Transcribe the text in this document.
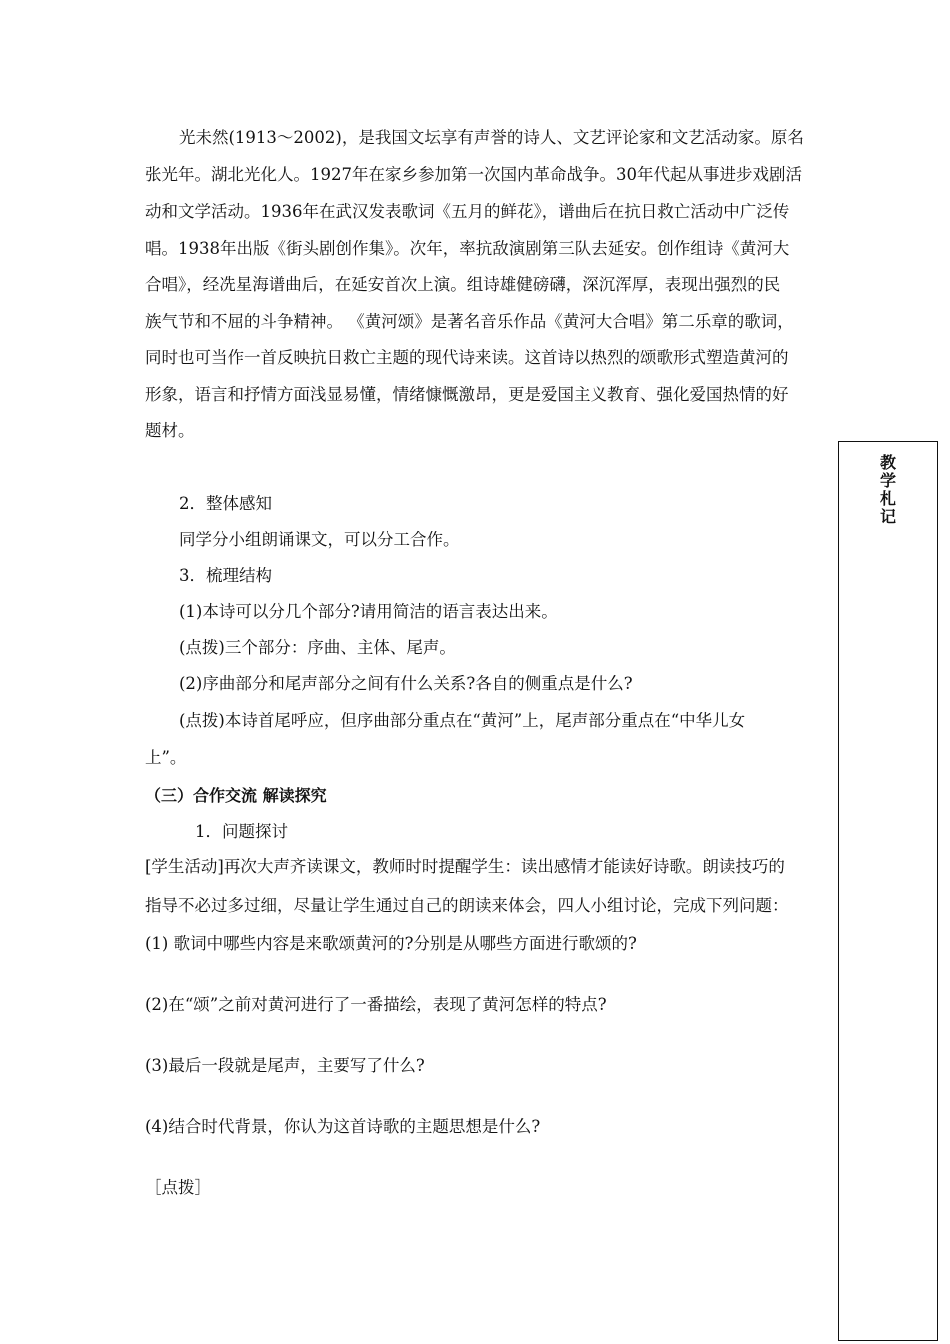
光未然(1913～2002)，是我国文坛享有声誉的诗人、文艺评论家和文艺活动家。原名
张光年。湖北光化人。1927年在家乡参加第一次国内革命战争。30年代起从事进步戏剧活
动和文学活动。1936年在武汉发表歌词《五月的鲜花》，谱曲后在抗日救亡活动中广泛传
唱。1938年出版《街头剧创作集》。次年，率抗敌演剧第三队去延安。创作组诗《黄河大
合唱》，经冼星海谱曲后，在延安首次上演。组诗雄健磅礴，深沉浑厚，表现出强烈的民
族气节和不屈的斗争精神。 《黄河颂》是著名音乐作品《黄河大合唱》第二乐章的歌词，
同时也可当作一首反映抗日救亡主题的现代诗来读。这首诗以热烈的颂歌形式塑造黄河的
形象，语言和抒情方面浅显易懂，情绪慷慨激昂，更是爱国主义教育、强化爱国热情的好
题材。
2．整体感知
同学分小组朗诵课文，可以分工合作。
3．梳理结构
(1)本诗可以分几个部分?请用简洁的语言表达出来。
(点拨)三个部分：序曲、主体、尾声。
(2)序曲部分和尾声部分之间有什么关系?各自的侧重点是什么?
(点拨)本诗首尾呼应，但序曲部分重点在“黄河”上，尾声部分重点在“中华儿女
上”。
（三）合作交流 解读探究
1．问题探讨
[学生活动]再次大声齐读课文，教师时时提醒学生：读出感情才能读好诗歌。朗读技巧的
指导不必过多过细，尽量让学生通过自己的朗读来体会，四人小组讨论，完成下列问题：
(1) 歌词中哪些内容是来歌颂黄河的?分别是从哪些方面进行歌颂的?
(2)在“颂”之前对黄河进行了一番描绘，表现了黄河怎样的特点?
(3)最后一段就是尾声，主要写了什么?
(4)结合时代背景，你认为这首诗歌的主题思想是什么?
［点拨］
教
学
札
记
